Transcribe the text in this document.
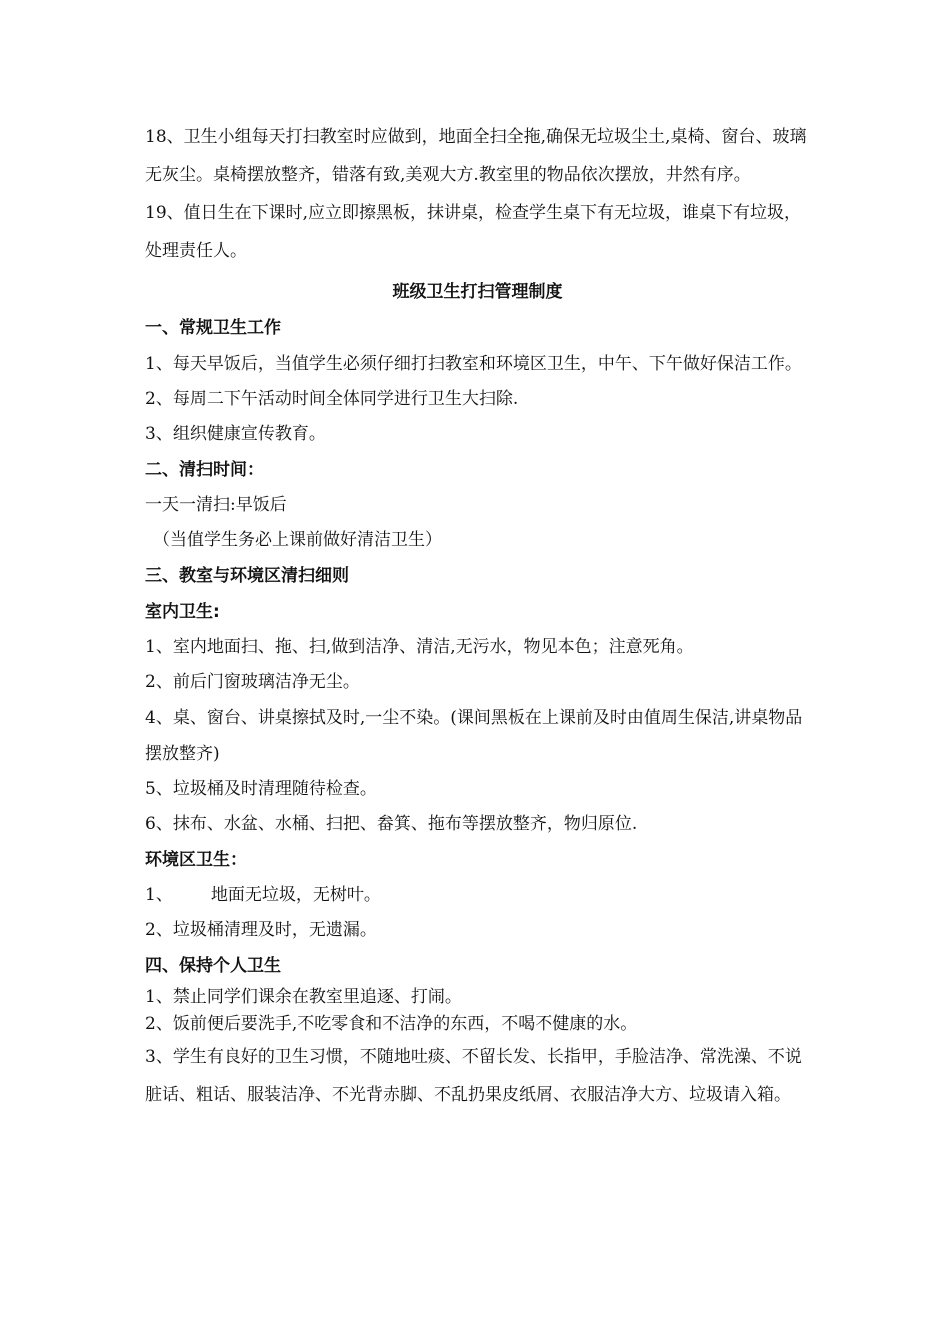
18、卫生小组每天打扫教室时应做到，地面全扫全拖,确保无垃圾尘土,桌椅、窗台、玻璃无灰尘。桌椅摆放整齐，错落有致,美观大方.教室里的物品依次摆放，井然有序。

19、值日生在下课时,应立即擦黑板，抹讲桌，检查学生桌下有无垃圾，谁桌下有垃圾，处理责任人。

班级卫生打扫管理制度

一、常规卫生工作

1、每天早饭后，当值学生必须仔细打扫教室和环境区卫生，中午、下午做好保洁工作。

2、每周二下午活动时间全体同学进行卫生大扫除.

3、组织健康宣传教育。

二、清扫时间：

一天一清扫:早饭后

（当值学生务必上课前做好清洁卫生）

三、教室与环境区清扫细则

室内卫生:

1、室内地面扫、拖、扫,做到洁净、清洁,无污水，物见本色；注意死角。

2、前后门窗玻璃洁净无尘。

4、桌、窗台、讲桌擦拭及时,一尘不染。(课间黑板在上课前及时由值周生保洁,讲桌物品摆放整齐)

5、垃圾桶及时清理随待检查。

6、抹布、水盆、水桶、扫把、畚箕、拖布等摆放整齐，物归原位.

环境区卫生：

1、 地面无垃圾，无树叶。

2、垃圾桶清理及时，无遗漏。

四、保持个人卫生

1、禁止同学们课余在教室里追逐、打闹。

2、饭前便后要洗手,不吃零食和不洁净的东西，不喝不健康的水。

3、学生有良好的卫生习惯，不随地吐痰、不留长发、长指甲，手脸洁净、常洗澡、不说脏话、粗话、服装洁净、不光背赤脚、不乱扔果皮纸屑、衣服洁净大方、垃圾请入箱。
